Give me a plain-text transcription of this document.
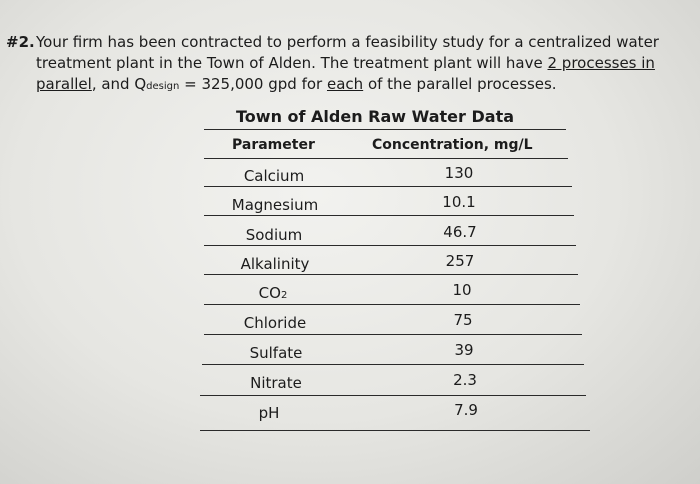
#2. Your firm has been contracted to perform a feasibility study for a centralized water
treatment plant in the Town of Alden. The treatment plant will have 2 processes in
parallel, and Qdesign = 325,000 gpd for each of the parallel processes.
Town of Alden Raw Water Data
Parameter	Concentration, mg/L
Calcium	130
Magnesium	10.1
Sodium	46.7
Alkalinity	257
CO2	10
Chloride	75
Sulfate	39
Nitrate	2.3
pH	7.9
